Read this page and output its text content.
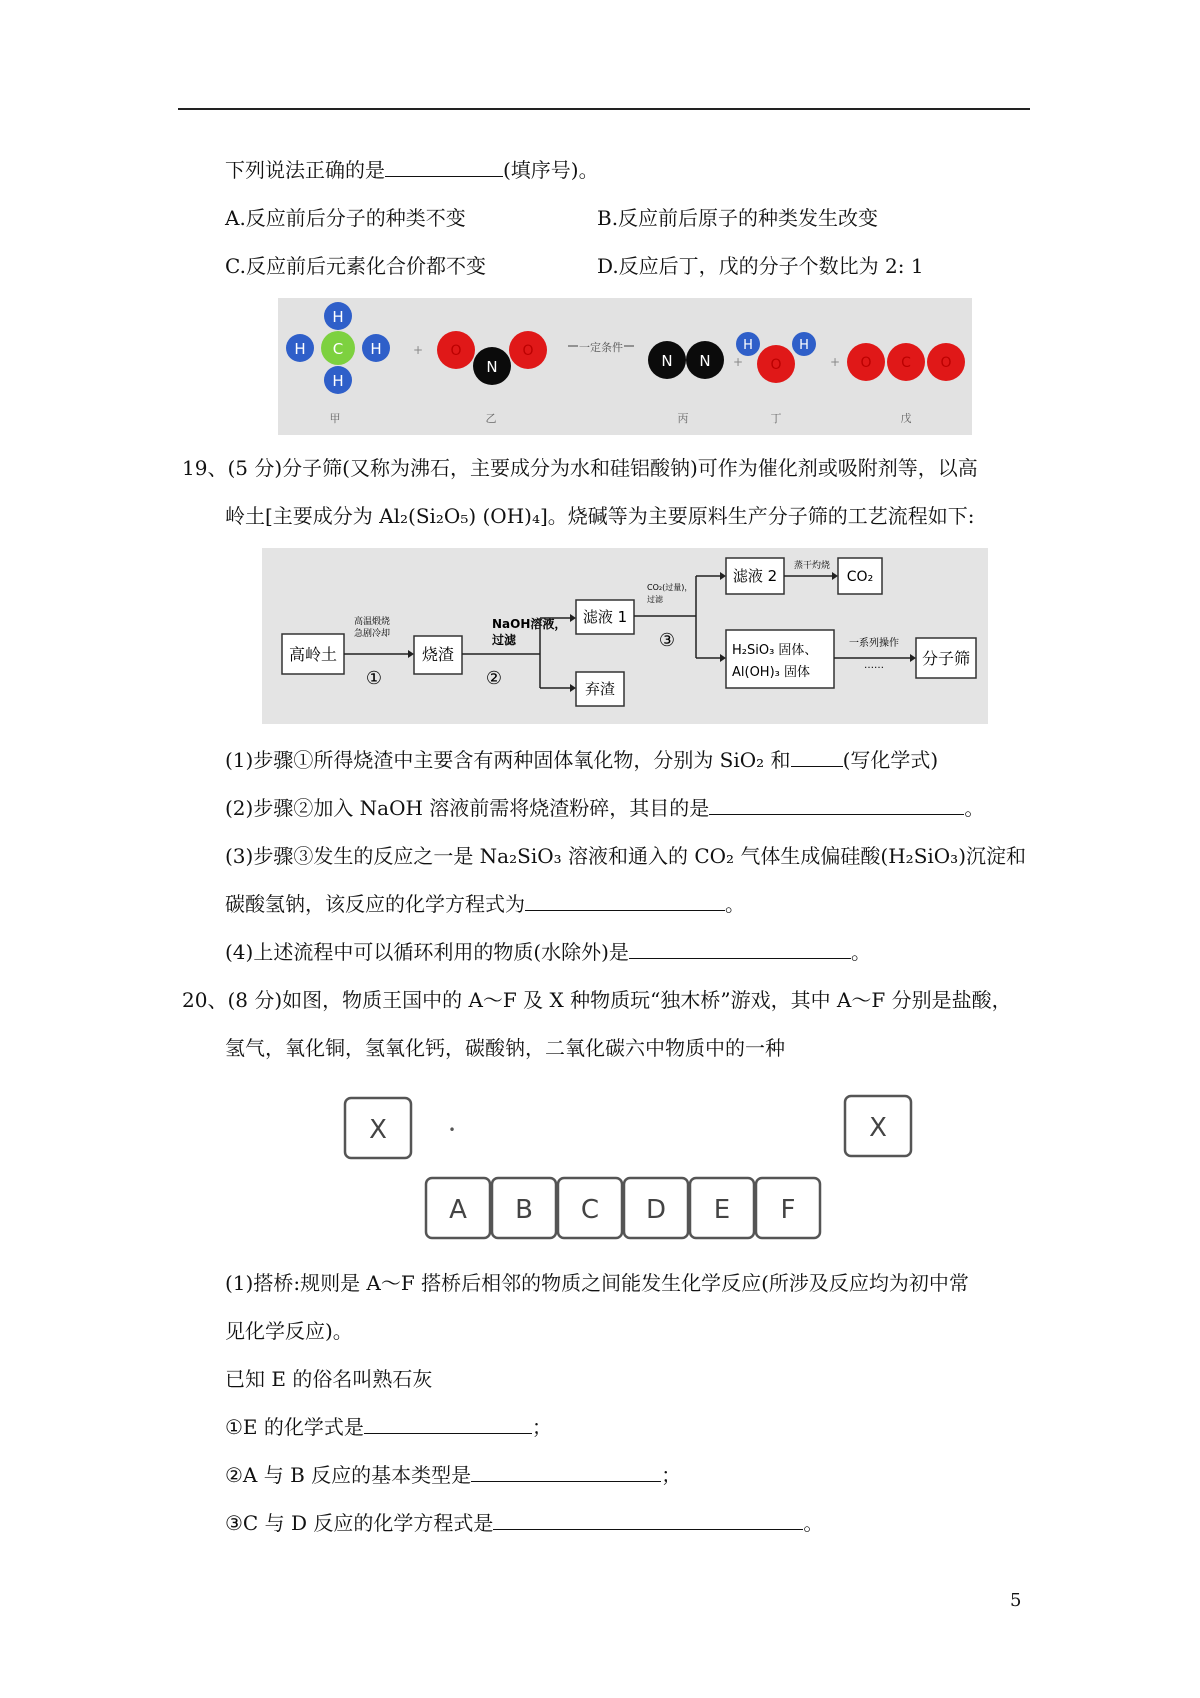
下列说法正确的是	(填序号)。
A.反应前后分子的种类不变	B.反应前后原子的种类发生改变
C.反应前后元素化合价都不变	D.反应后丁，戊的分子个数比为 2: 1
H
H	H
H
C	+ O	O
N
一定条件
N N +
H	H
O	+ O C O
甲	乙	丙	丁	戊
19、(5 分)分子筛(又称为沸石，主要成分为水和硅铝酸钠)可作为催化剂或吸附剂等，以高
岭土[主要成分为 Al₂(Si₂O₅) (OH)₄]。烧碱等为主要原料生产分子筛的工艺流程如下:
高岭土
高温煅烧
急剧冷却
①
烧渣
NaOH溶液，
过滤
②
滤液 1
弃渣
CO₂(过量)，
过滤
③
滤液 2
蒸干灼烧
CO₂
H₂SiO₃ 固体、
Al(OH)₃ 固体
一系列操作
…… 分子筛
(1)步骤①所得烧渣中主要含有两种固体氧化物，分别为 SiO₂ 和	(写化学式)
(2)步骤②加入 NaOH 溶液前需将烧渣粉碎，其目的是	。
(3)步骤③发生的反应之一是 Na₂SiO₃ 溶液和通入的 CO₂ 气体生成偏硅酸(H₂SiO₃)沉淀和
碳酸氢钠，该反应的化学方程式为	。
(4)上述流程中可以循环利用的物质(水除外)是	。
20、(8 分)如图，物质王国中的 A～F 及 X 种物质玩“独木桥”游戏，其中 A～F 分别是盐酸，
氢气，氧化铜，氢氧化钙，碳酸钠，二氧化碳六中物质中的一种
X	•	X
A B C D E F
(1)搭桥:规则是 A～F 搭桥后相邻的物质之间能发生化学反应(所涉及反应均为初中常
见化学反应)。
已知 E 的俗名叫熟石灰
①E 的化学式是	；
②A 与 B 反应的基本类型是	；
③C 与 D 反应的化学方程式是	。
5
